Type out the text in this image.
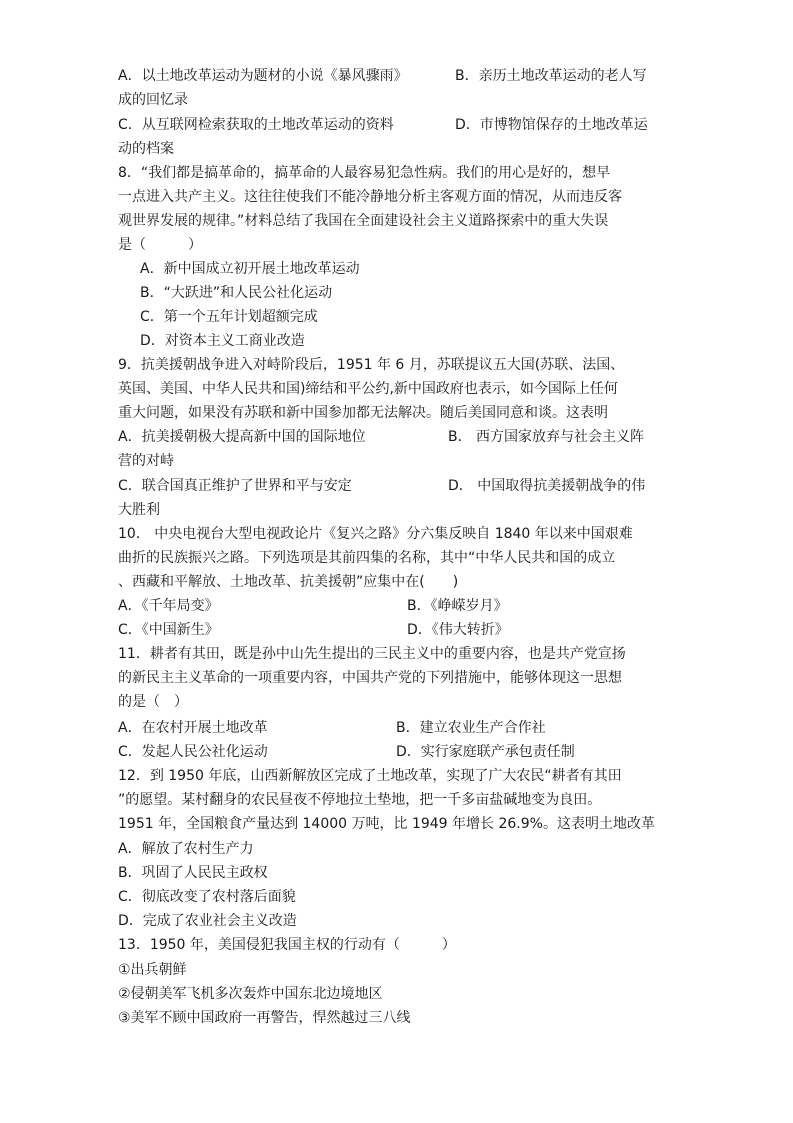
A．以土地改革运动为题材的小说《暴风骤雨》	B．亲历土地改革运动的老人写
成的回忆录
C．从互联网检索获取的土地改革运动的资料	D．市博物馆保存的土地改革运
动的档案
8．“我们都是搞革命的，搞革命的人最容易犯急性病。我们的用心是好的，想早
一点进入共产主义。这往往使我们不能冷静地分析主客观方面的情况，从而违反客
观世界发展的规律。”材料总结了我国在全面建设社会主义道路探索中的重大失误
是（　　　）
A．新中国成立初开展土地改革运动
B．“大跃进”和人民公社化运动
C．第一个五年计划超额完成
D．对资本主义工商业改造
9．抗美援朝战争进入对峙阶段后，1951 年 6 月，苏联提议五大国(苏联、法国、
英国、美国、中华人民共和国)缔结和平公约,新中国政府也表示，如今国际上任何
重大问题，如果没有苏联和新中国参加都无法解决。随后美国同意和谈。这表明
A．抗美援朝极大提高新中国的国际地位	B． 西方国家放弃与社会主义阵
营的对峙
C．联合国真正维护了世界和平与安定	D． 中国取得抗美援朝战争的伟
大胜利
10． 中央电视台大型电视政论片《复兴之路》分六集反映自 1840 年以来中国艰难
曲折的民族振兴之路。下列选项是其前四集的名称，其中“中华人民共和国的成立
、西藏和平解放、土地改革、抗美援朝”应集中在(　　)
A．《千年局变》	B．《峥嵘岁月》
C．《中国新生》	D．《伟大转折》
11．耕者有其田，既是孙中山先生提出的三民主义中的重要内容，也是共产党宣扬
的新民主主义革命的一项重要内容，中国共产党的下列措施中，能够体现这一思想
的是（　）
A．在农村开展土地改革	B．建立农业生产合作社
C．发起人民公社化运动	D．实行家庭联产承包责任制
12．到 1950 年底，山西新解放区完成了土地改革，实现了广大农民“耕者有其田
”的愿望。某村翻身的农民昼夜不停地拉土垫地，把一千多亩盐碱地变为良田。
1951 年，全国粮食产量达到 14000 万吨，比 1949 年增长 26.9%。这表明土地改革
A．解放了农村生产力
B．巩固了人民民主政权
C．彻底改变了农村落后面貌
D．完成了农业社会主义改造
13．1950 年，美国侵犯我国主权的行动有（　　　）
①出兵朝鲜
②侵朝美军飞机多次轰炸中国东北边境地区
③美军不顾中国政府一再警告，悍然越过三八线
